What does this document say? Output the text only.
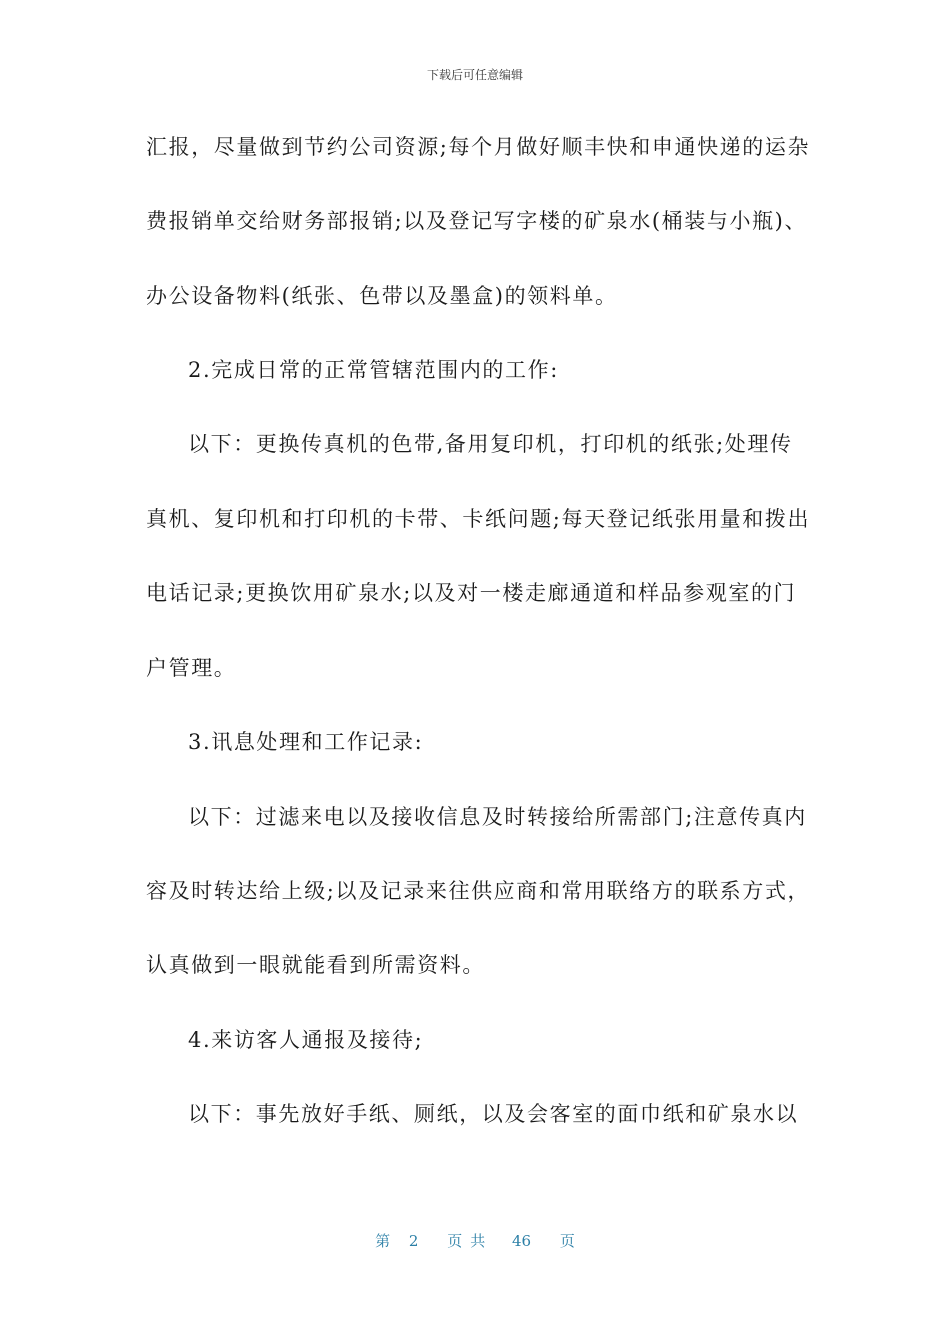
下载后可任意编辑
汇报，尽量做到节约公司资源;每个月做好顺丰快和申通快递的运杂
费报销单交给财务部报销;以及登记写字楼的矿泉水(桶装与小瓶)、
办公设备物料(纸张、色带以及墨盒)的领料单。
2.完成日常的正常管辖范围内的工作:
以下：更换传真机的色带,备用复印机，打印机的纸张;处理传
真机、复印机和打印机的卡带、卡纸问题;每天登记纸张用量和拨出
电话记录;更换饮用矿泉水;以及对一楼走廊通道和样品参观室的门
户管理。
3.讯息处理和工作记录:
以下：过滤来电以及接收信息及时转接给所需部门;注意传真内
容及时转达给上级;以及记录来往供应商和常用联络方的联系方式，
认真做到一眼就能看到所需资料。
4.来访客人通报及接待;
以下：事先放好手纸、厕纸，以及会客室的面巾纸和矿泉水以
第 2 页共 46 页
